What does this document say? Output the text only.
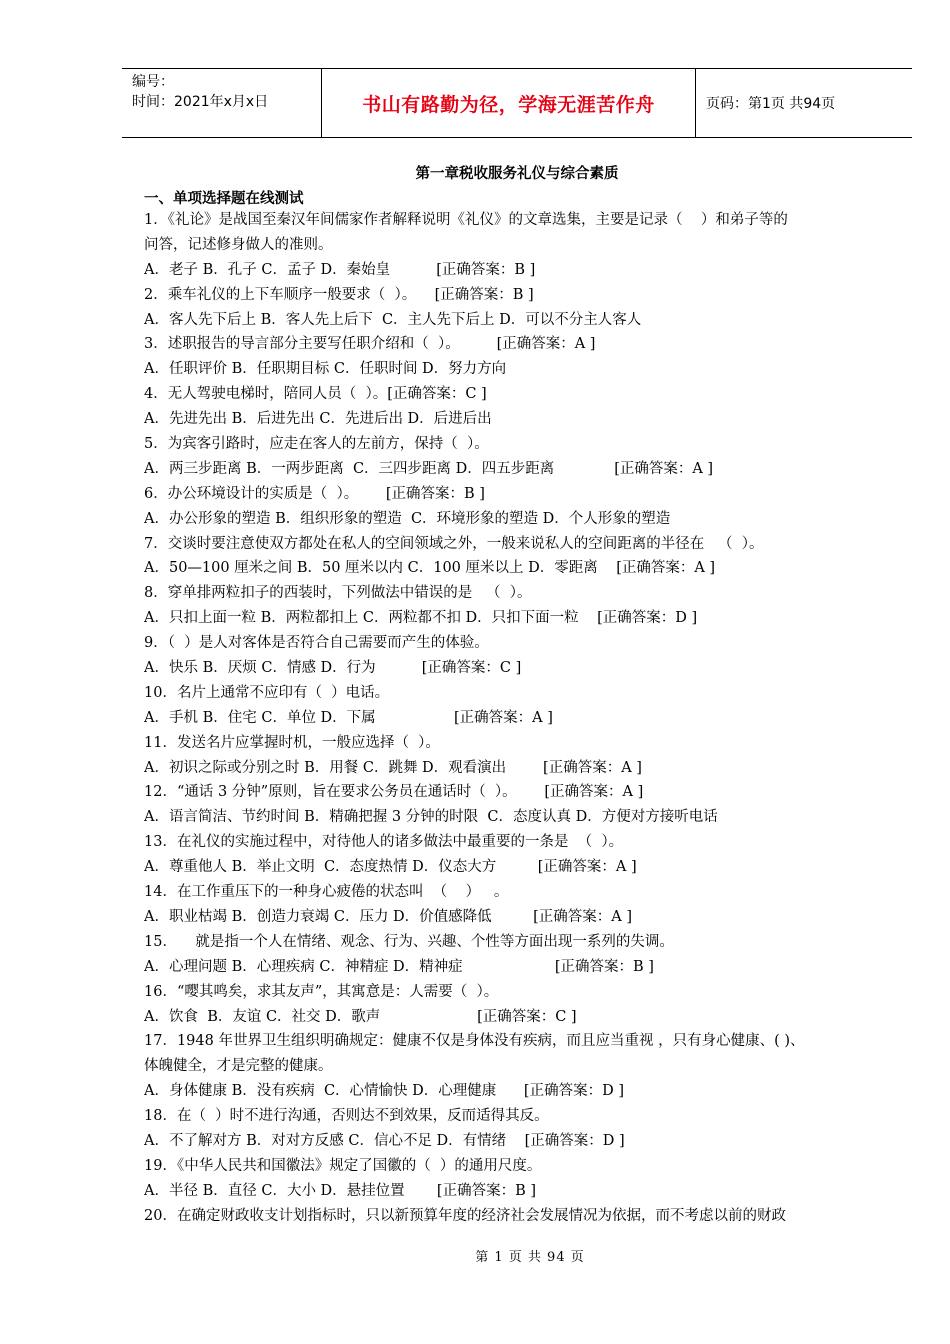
编号：
时间：2021年x月x日	书山有路勤为径，学海无涯苦作舟	页码：第1页 共94页
第一章税收服务礼仪与综合素质
一、单项选择题在线测试
1．《礼论》是战国至秦汉年间儒家作者解释说明《礼仪》的文章选集，主要是记录（    ）和弟子等的
问答，记述修身做人的准则。
A．老子 B．孔子 C．孟子 D．秦始皇          [正确答案：B ]
2．乘车礼仪的上下车顺序一般要求（  ）。    [正确答案：B ]
A．客人先下后上 B．客人先上后下  C．主人先下后上 D．可以不分主人客人
3．述职报告的导言部分主要写任职介绍和（  ）。        [正确答案：A ]
A．任职评价 B．任职期目标 C．任职时间 D．努力方向
4．无人驾驶电梯时，陪同人员（  ）。[正确答案：C ]
A．先进先出 B．后进先出 C．先进后出 D．后进后出
5．为宾客引路时，应走在客人的左前方，保持（  ）。
A．两三步距离 B．一两步距离  C．三四步距离 D．四五步距离             [正确答案：A ]
6．办公环境设计的实质是（  ）。      [正确答案：B ]
A．办公形象的塑造 B．组织形象的塑造  C．环境形象的塑造 D．个人形象的塑造
7．交谈时要注意使双方都处在私人的空间领域之外，一般来说私人的空间距离的半径在   （  ）。
A．50—100 厘米之间 B．50 厘米以内 C．100 厘米以上 D．零距离    [正确答案：A ]
8．穿单排两粒扣子的西装时，下列做法中错误的是   （  ）。
A．只扣上面一粒 B．两粒都扣上 C．两粒都不扣 D．只扣下面一粒    [正确答案：D ]
9．（  ）是人对客体是否符合自己需要而产生的体验。
A．快乐 B．厌烦 C．情感 D．行为          [正确答案：C ]
10．名片上通常不应印有（  ）电话。
A．手机 B．住宅 C．单位 D．下属                 [正确答案：A ]
11．发送名片应掌握时机，一般应选择（  ）。
A．初识之际或分别之时 B．用餐 C．跳舞 D．观看演出        [正确答案：A ]
12．“通话 3 分钟”原则，旨在要求公务员在通话时（  ）。      [正确答案：A ]
A．语言简洁、节约时间 B．精确把握 3 分钟的时限  C．态度认真 D．方便对方接听电话
13．在礼仪的实施过程中，对待他人的诸多做法中最重要的一条是  （  ）。
A．尊重他人 B．举止文明  C．态度热情 D．仪态大方         [正确答案：A ]
14．在工作重压下的一种身心疲倦的状态叫  （    ）   。
A．职业枯竭 B．创造力衰竭 C．压力 D．价值感降低         [正确答案：A ]
15．    就是指一个人在情绪、观念、行为、兴趣、个性等方面出现一系列的失调。
A．心理问题 B．心理疾病 C．神精症 D．精神症                    [正确答案：B ]
16．“嘤其鸣矣，求其友声”，其寓意是：人需要（  ）。
A．饮食  B．友谊 C．社交 D．歌声                     [正确答案：C ]
17．1948 年世界卫生组织明确规定：健康不仅是身体没有疾病，而且应当重视 ，只有身心健康、( )、
体魄健全，才是完整的健康。
A．身体健康 B．没有疾病  C．心情愉快 D．心理健康      [正确答案：D ]
18．在（  ）时不进行沟通，否则达不到效果，反而适得其反。
A．不了解对方 B．对对方反感 C．信心不足 D．有情绪    [正确答案：D ]
19．《中华人民共和国徽法》规定了国徽的（  ）的通用尺度。
A．半径 B．直径 C．大小 D．悬挂位置       [正确答案：B ]
20．在确定财政收支计划指标时，只以新预算年度的经济社会发展情况为依据，而不考虑以前的财政
第 1 页 共 94 页
